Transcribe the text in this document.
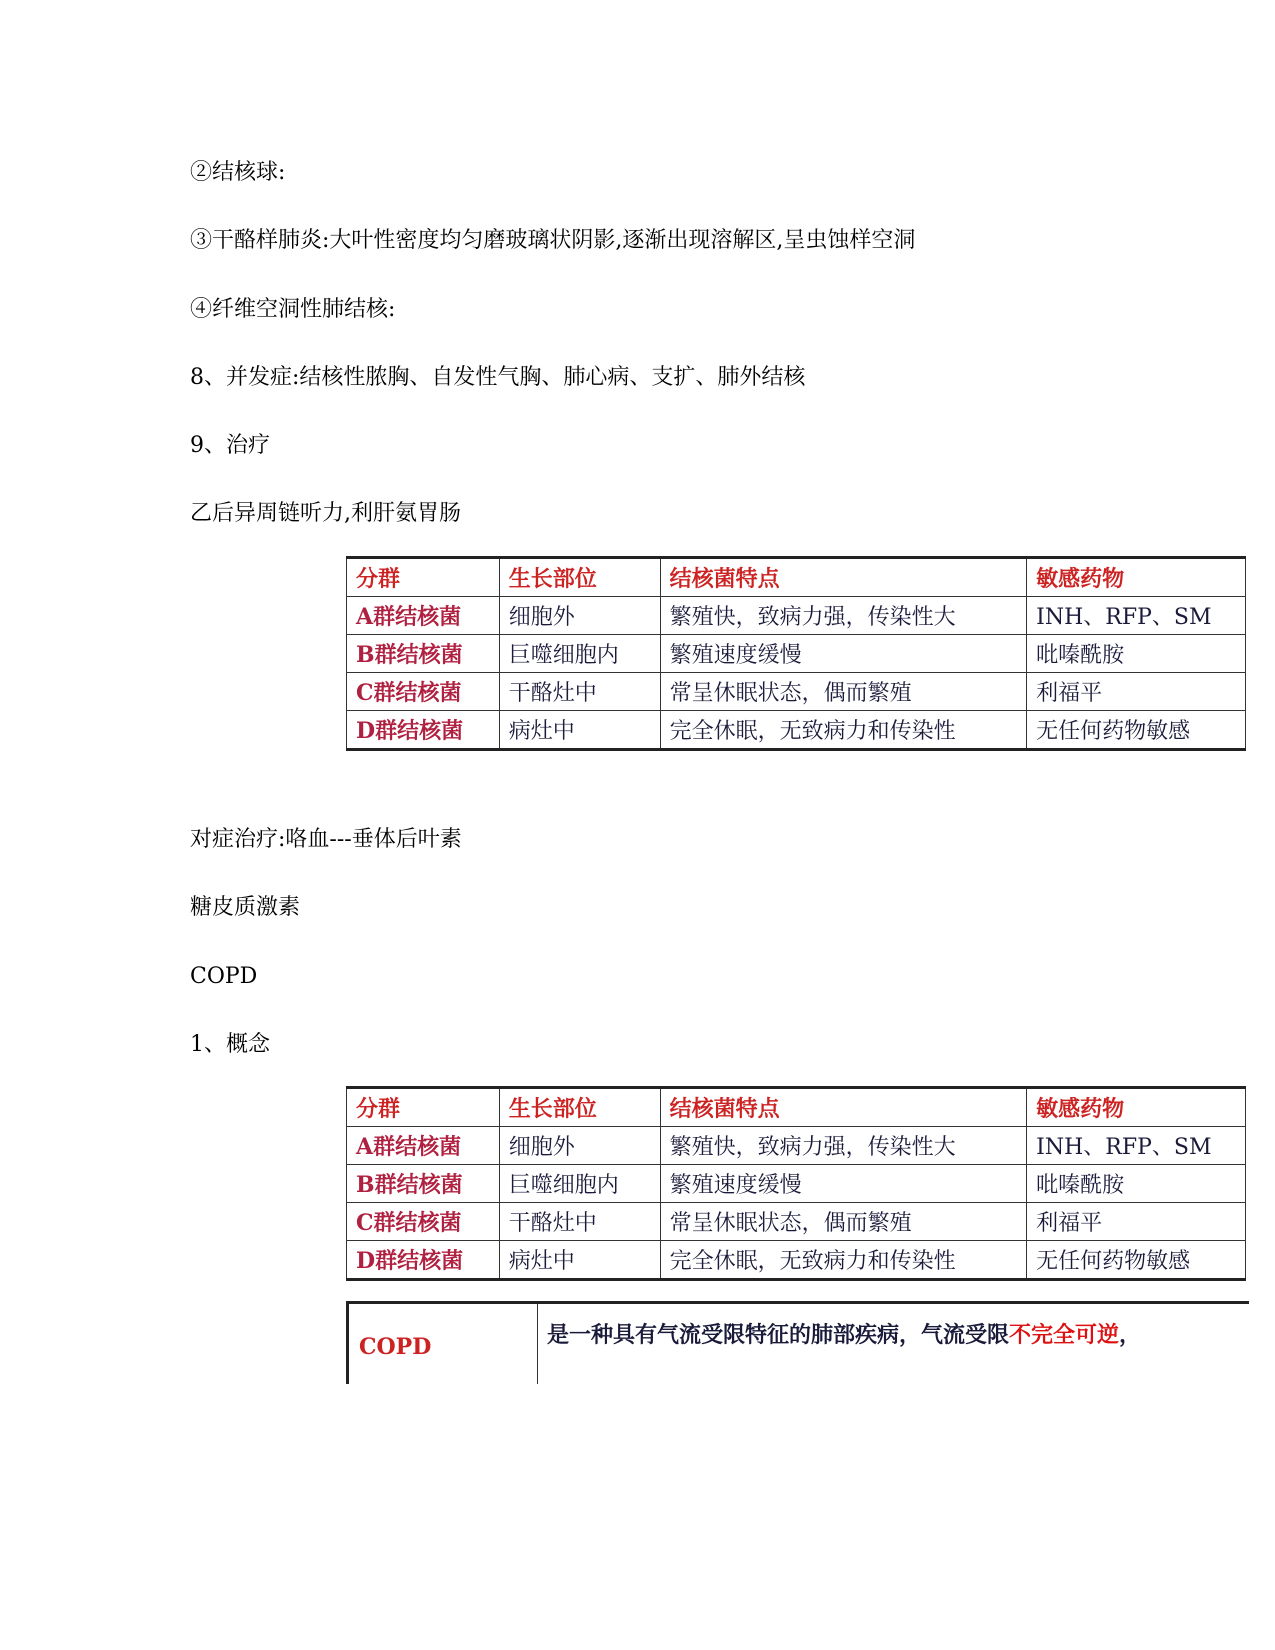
②结核球:
③干酪样肺炎:大叶性密度均匀磨玻璃状阴影,逐渐出现溶解区,呈虫蚀样空洞
④纤维空洞性肺结核:
8、并发症:结核性脓胸、自发性气胸、肺心病、支扩、肺外结核
9、治疗
乙后异周链听力,利肝氨胃肠
分群	生长部位	结核菌特点	敏感药物
A群结核菌	细胞外	繁殖快，致病力强，传染性大	INH、RFP、SM
B群结核菌	巨噬细胞内	繁殖速度缓慢	吡嗪酰胺
C群结核菌	干酪灶中	常呈休眠状态，偶而繁殖	利福平
D群结核菌	病灶中	完全休眠，无致病力和传染性	无任何药物敏感
对症治疗:咯血---垂体后叶素
糖皮质激素
COPD
1、概念
分群	生长部位	结核菌特点	敏感药物
A群结核菌	细胞外	繁殖快，致病力强，传染性大	INH、RFP、SM
B群结核菌	巨噬细胞内	繁殖速度缓慢	吡嗪酰胺
C群结核菌	干酪灶中	常呈休眠状态，偶而繁殖	利福平
D群结核菌	病灶中	完全休眠，无致病力和传染性	无任何药物敏感
COPD	是一种具有气流受限特征的肺部疾病，气流受限不完全可逆，
